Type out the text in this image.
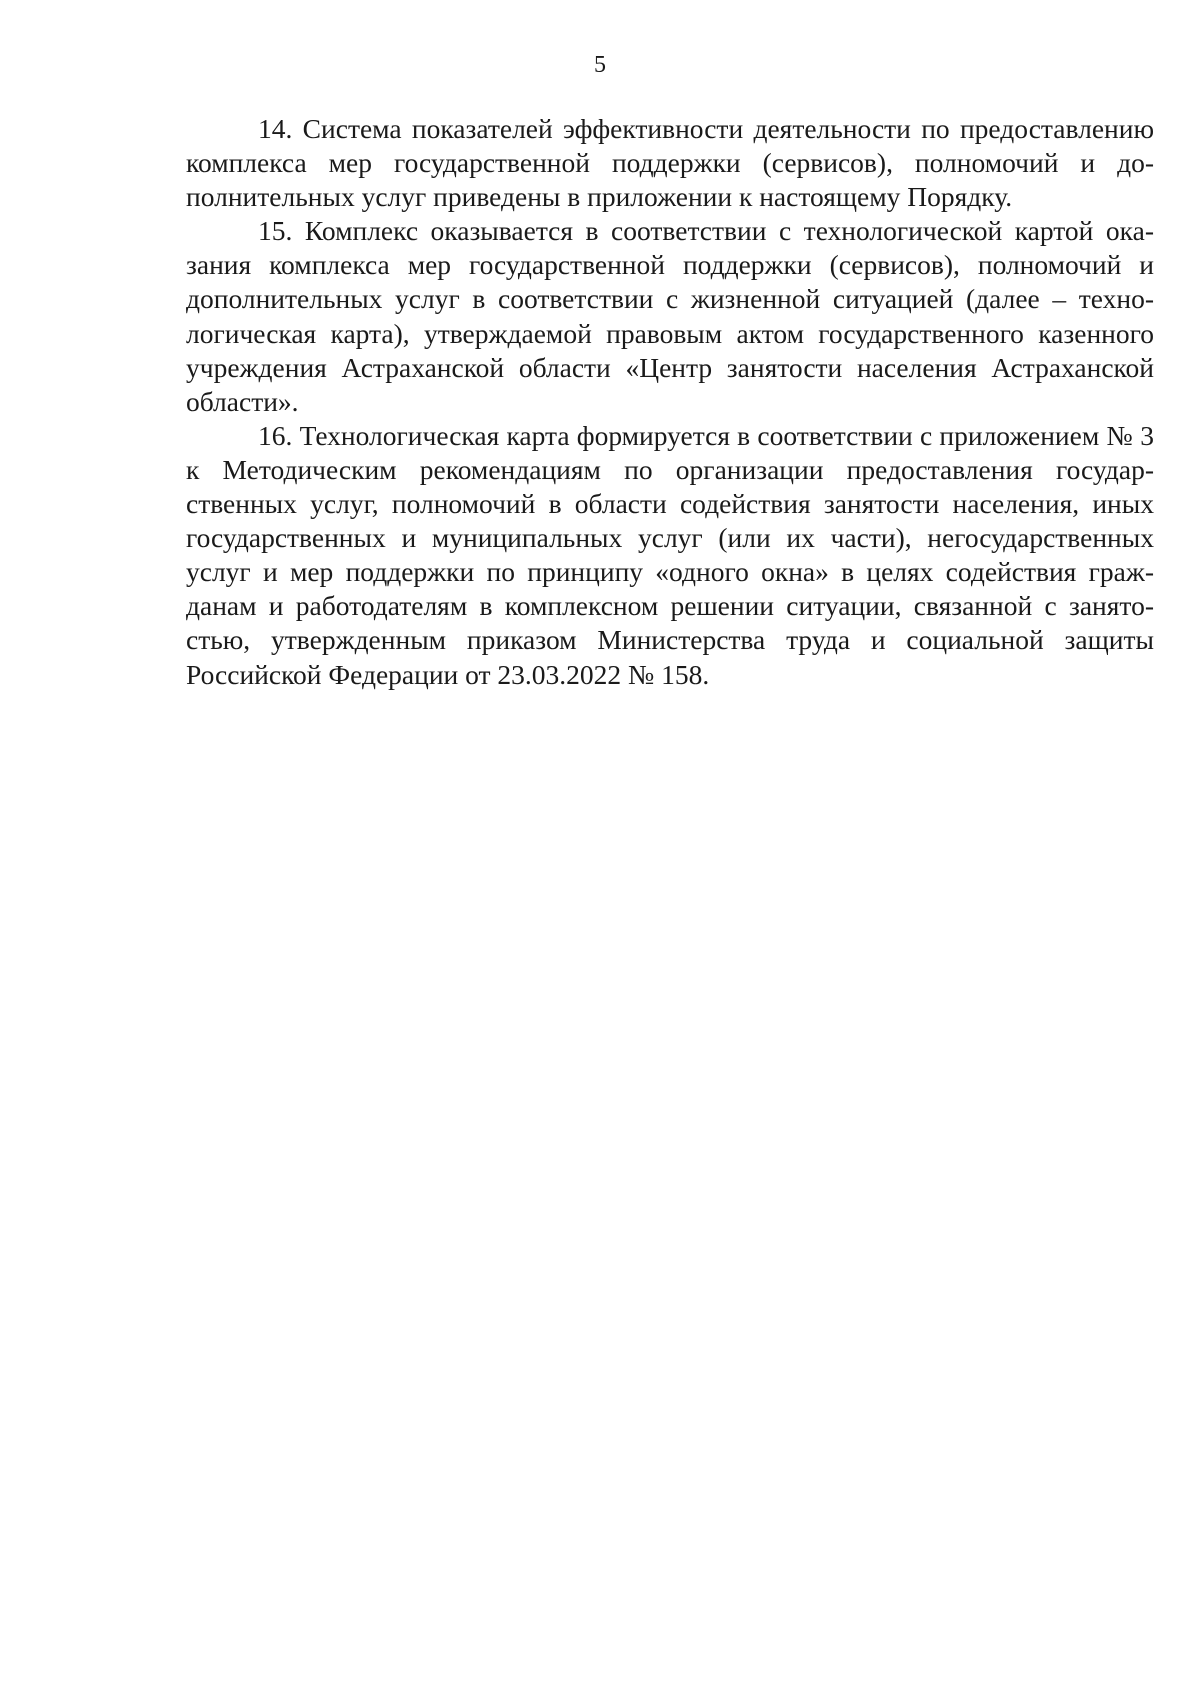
5

14. Система показателей эффективности деятельности по предоставлению комплекса мер государственной поддержки (сервисов), полномочий и дополнительных услуг приведены в приложении к настоящему Порядку.

15. Комплекс оказывается в соответствии с технологической картой оказания комплекса мер государственной поддержки (сервисов), полномочий и дополнительных услуг в соответствии с жизненной ситуацией (далее – технологическая карта), утверждаемой правовым актом государственного казенного учреждения Астраханской области «Центр занятости населения Астраханской области».

16. Технологическая карта формируется в соответствии с приложением № 3 к Методическим рекомендациям по организации предоставления государственных услуг, полномочий в области содействия занятости населения, иных государственных и муниципальных услуг (или их части), негосударственных услуг и мер поддержки по принципу «одного окна» в целях содействия гражданам и работодателям в комплексном решении ситуации, связанной с занятостью, утвержденным приказом Министерства труда и социальной защиты Российской Федерации от 23.03.2022 № 158.
